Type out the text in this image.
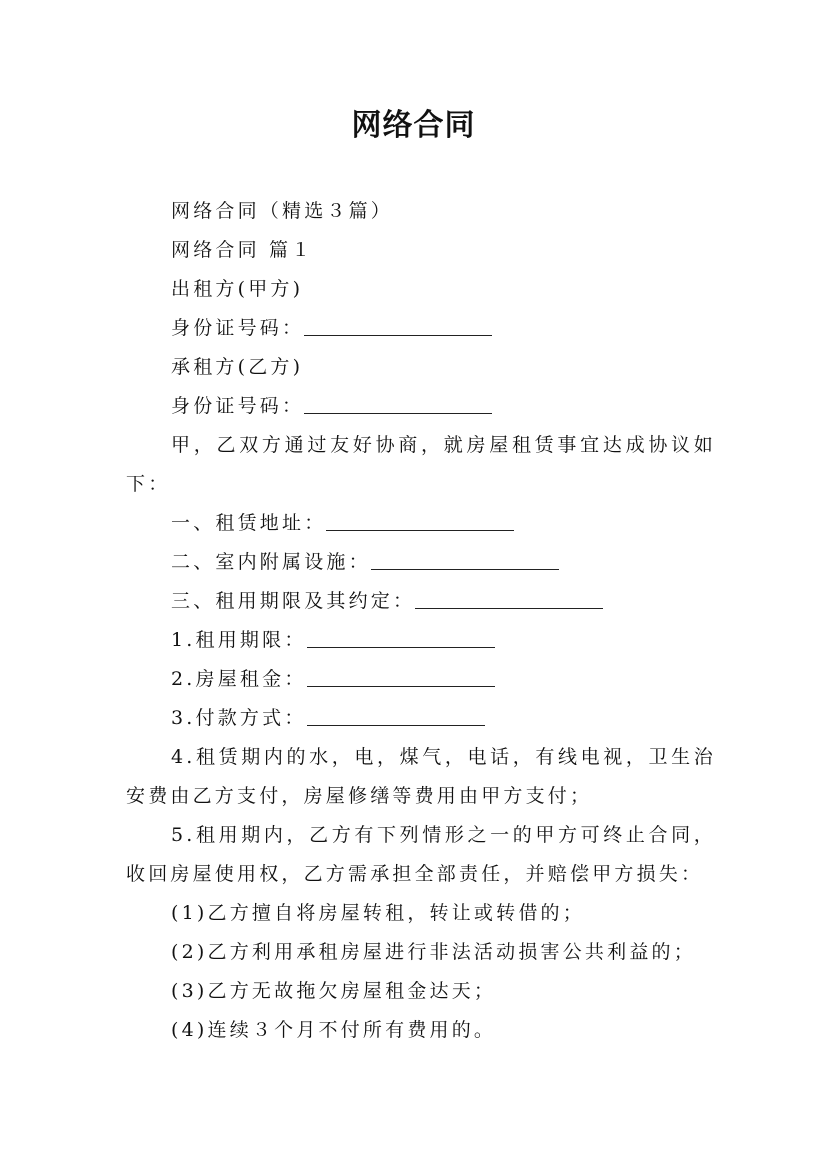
网络合同

网络合同（精选３篇）

网络合同 篇１

出租方(甲方)

身份证号码：

承租方(乙方)

身份证号码：

甲，乙双方通过友好协商，就房屋租赁事宜达成协议如下：

一、租赁地址：

二、室内附属设施：

三、租用期限及其约定：

1.租用期限：

2.房屋租金：

3.付款方式：

4.租赁期内的水，电，煤气，电话，有线电视，卫生治安费由乙方支付，房屋修缮等费用由甲方支付；

5.租用期内，乙方有下列情形之一的甲方可终止合同，收回房屋使用权，乙方需承担全部责任，并赔偿甲方损失：

(1)乙方擅自将房屋转租，转让或转借的；

(2)乙方利用承租房屋进行非法活动损害公共利益的；

(3)乙方无故拖欠房屋租金达天；

(4)连续３个月不付所有费用的。
